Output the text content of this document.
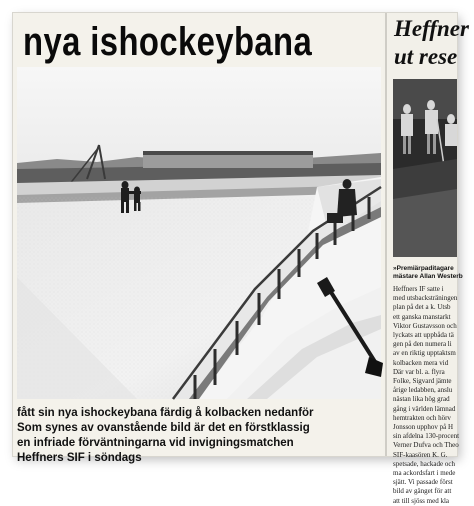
nya ishockeybana
fått sin nya ishockeybana färdig å kolbacken nedanför
Som synes av ovanstående bild är det en förstklassig
en infriade förväntningarna vid invigningsmatchen
Heffners SIF i söndags
Heffner
ut rese
»Premiärpaditagare
mästare Allan Westerb
Heffners IF satte i
med utsbacksträningen
plan på det a k. Utsb
ett ganska manstarkt
Viktor Gustavsson och
lyckats att uppbåda tä
gen på den numera li
av en riktig upptaktsm
kolbacken mera vid
Där var bl. a. flyra
Folke, Sigvard jämte
årige ledabben, anslu
nästan lika hög grad
gång i världen lämnad
hemtrakten och hörv
Jonsson upphov på H
sin afdelna 130-procent
Verner Dufva och Theo
SIF-kaasören K. G.
spetsade, hackade och
ma ackordsfart i mede
sjätt. Vi passade först
bild av gänget för att
att till sjöss med kla
